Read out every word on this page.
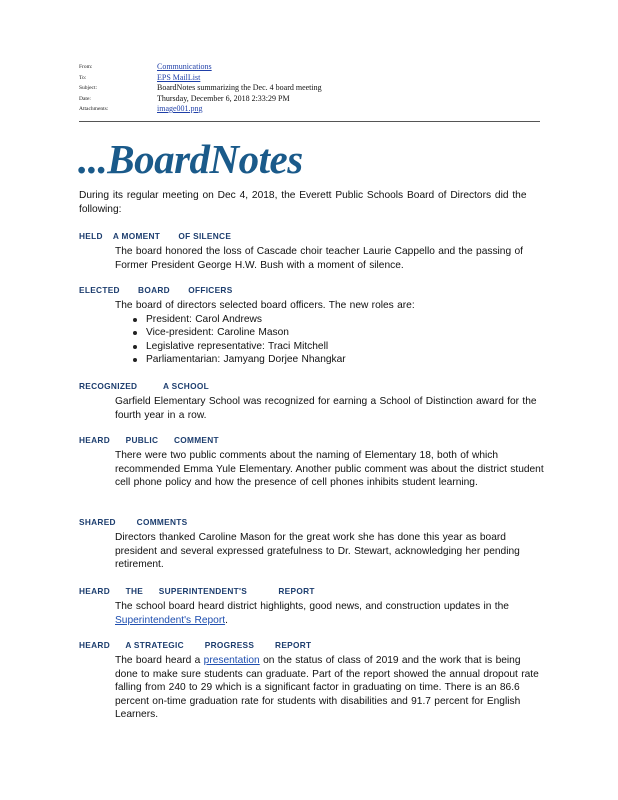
From:	Communications
To:	EPS MailList
Subject:	BoardNotes summarizing the Dec. 4 board meeting
Date:	Thursday, December 6, 2018 2:33:29 PM
Attachments:	image001.png
...BoardNotes
During its regular meeting on Dec 4, 2018, the Everett Public Schools Board of Directors did the following:
HELD    A MOMENT       OF SILENCE
The board honored the loss of Cascade choir teacher Laurie Cappello and the passing of Former President George H.W. Bush with a moment of silence.
ELECTED       BOARD       OFFICERS
The board of directors selected board officers. The new roles are:
President: Carol Andrews
Vice-president: Caroline Mason
Legislative representative: Traci Mitchell
Parliamentarian: Jamyang Dorjee Nhangkar
RECOGNIZED          A SCHOOL
Garfield Elementary School was recognized for earning a School of Distinction award for the fourth year in a row.
HEARD      PUBLIC      COMMENT
There were two public comments about the naming of Elementary 18, both of which recommended Emma Yule Elementary. Another public comment was about the district student cell phone policy and how the presence of cell phones inhibits student learning.
SHARED        COMMENTS
Directors thanked Caroline Mason for the great work she has done this year as board president and several expressed gratefulness to Dr. Stewart, acknowledging her pending retirement.
HEARD      THE      SUPERINTENDENT'S            REPORT
The school board heard district highlights, good news, and construction updates in the Superintendent's Report.
HEARD      A STRATEGIC        PROGRESS        REPORT
The board heard a presentation on the status of class of 2019 and the work that is being done to make sure students can graduate. Part of the report showed the annual dropout rate falling from 240 to 29 which is a significant factor in graduating on time. There is an 86.6 percent on-time graduation rate for students with disabilities and 91.7 percent for English Learners.
